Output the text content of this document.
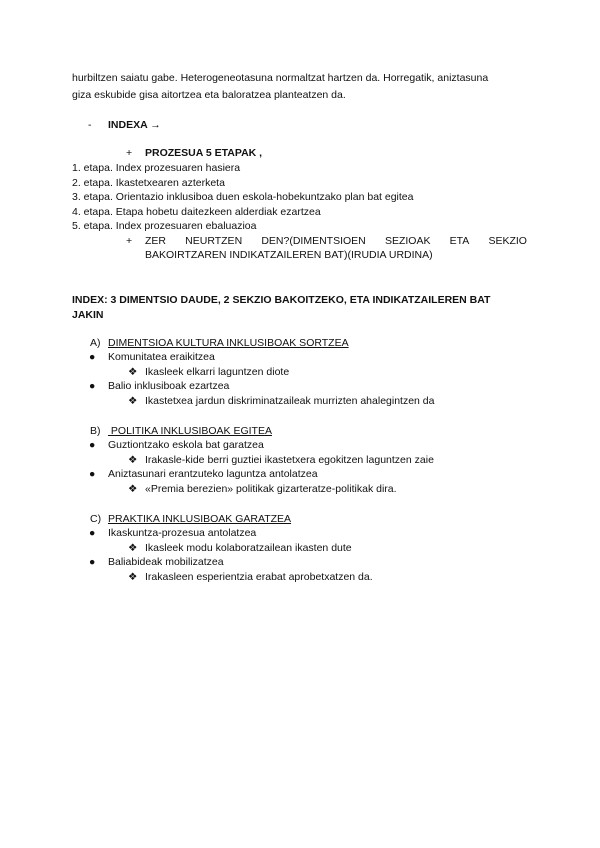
hurbiltzen saiatu gabe. Heterogeneotasuna normaltzat hartzen da. Horregatik, aniztasuna
giza eskubide gisa aitortzea eta baloratzea planteatzen da.
- INDEXA →
+ PROZESUA 5 ETAPAK ,
1. etapa. Index prozesuaren hasiera
2. etapa. Ikastetxearen azterketa
3. etapa. Orientazio inklusiboa duen eskola-hobekuntzako plan bat egitea
4. etapa. Etapa hobetu daitezkeen alderdiak ezartzea
5. etapa. Index prozesuaren ebaluazioa
+ ZER NEURTZEN DEN?(DIMENTSIOEN SEZIOAK ETA SEKZIO
BAKOIRTZAREN INDIKATZAILEREN BAT)(IRUDIA URDINA)
INDEX: 3 DIMENTSIO DAUDE, 2 SEKZIO BAKOITZEKO, ETA INDIKATZAILEREN BAT
JAKIN
A) DIMENTSIOA KULTURA INKLUSIBOAK SORTZEA
● Komunitatea eraikitzea
❖ Ikasleek elkarri laguntzen diote
● Balio inklusiboak ezartzea
❖ Ikastetxea jardun diskriminatzaileak murrizten ahalegintzen da
B) POLITIKA INKLUSIBOAK EGITEA
● Guztiontzako eskola bat garatzea
❖ Irakasle-kide berri guztiei ikastetxera egokitzen laguntzen zaie
● Aniztasunari erantzuteko laguntza antolatzea
❖ «Premia berezien» politikak gizarteratze-politikak dira.
C) PRAKTIKA INKLUSIBOAK GARATZEA
● Ikaskuntza-prozesua antolatzea
❖ Ikasleek modu kolaboratzailean ikasten dute
● Baliabideak mobilizatzea
❖ Irakasleen esperientzia erabat aprobetxatzen da.
